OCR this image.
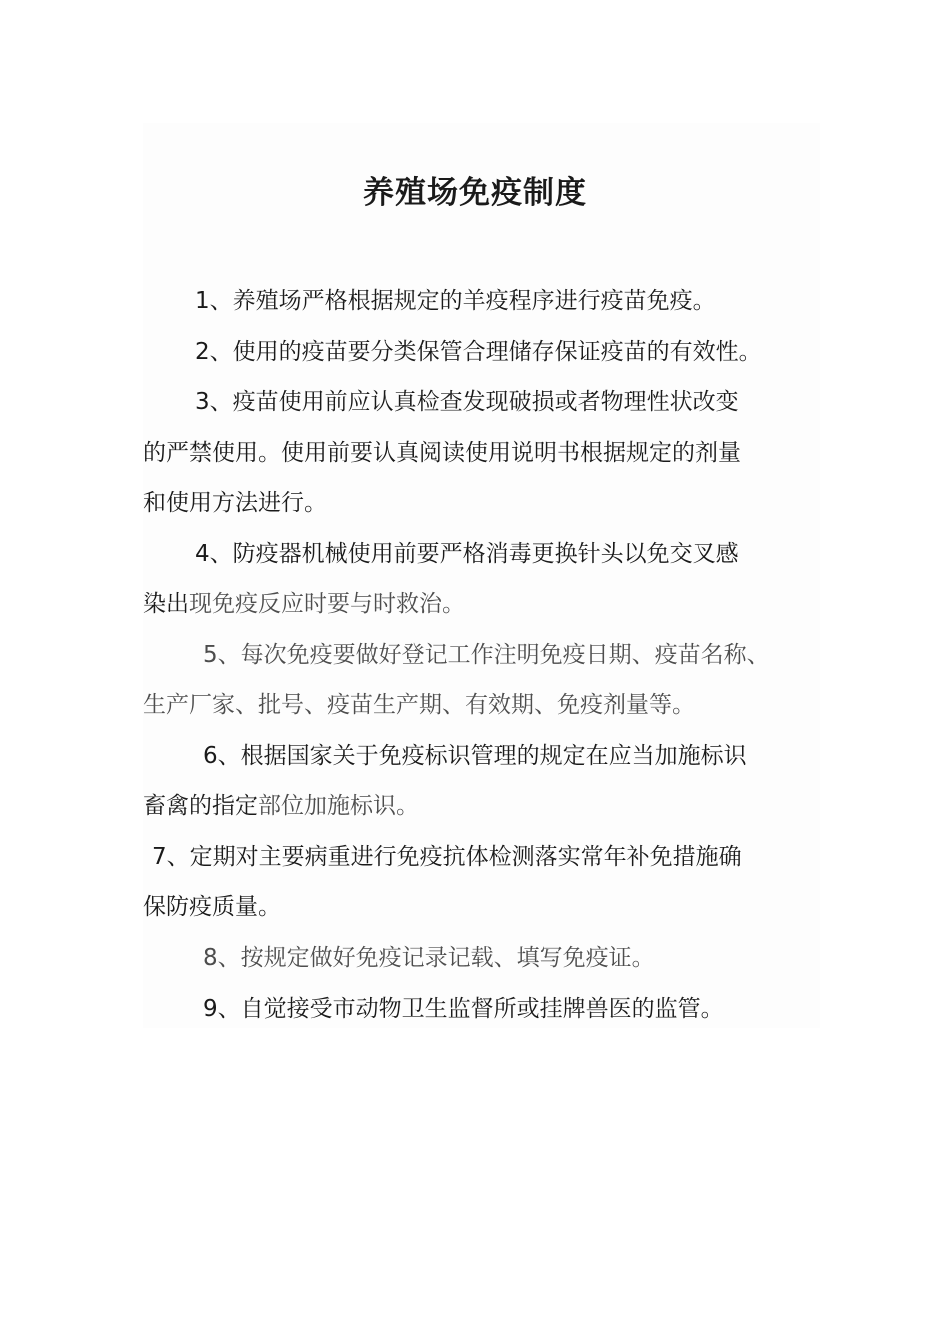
养殖场免疫制度

1、养殖场严格根据规定的羊疫程序进行疫苗免疫。

2、使用的疫苗要分类保管合理储存保证疫苗的有效性。

3、疫苗使用前应认真检查发现破损或者物理性状改变

的严禁使用。使用前要认真阅读使用说明书根据规定的剂量

和使用方法进行。

4、防疫器机械使用前要严格消毒更换针头以免交叉感

染出现免疫反应时要与时救治。

5、每次免疫要做好登记工作注明免疫日期、疫苗名称、

生产厂家、批号、疫苗生产期、有效期、免疫剂量等。

6、根据国家关于免疫标识管理的规定在应当加施标识

畜禽的指定部位加施标识。

7、定期对主要病重进行免疫抗体检测落实常年补免措施确

保防疫质量。

8、按规定做好免疫记录记载、填写免疫证。

9、自觉接受市动物卫生监督所或挂牌兽医的监管。
